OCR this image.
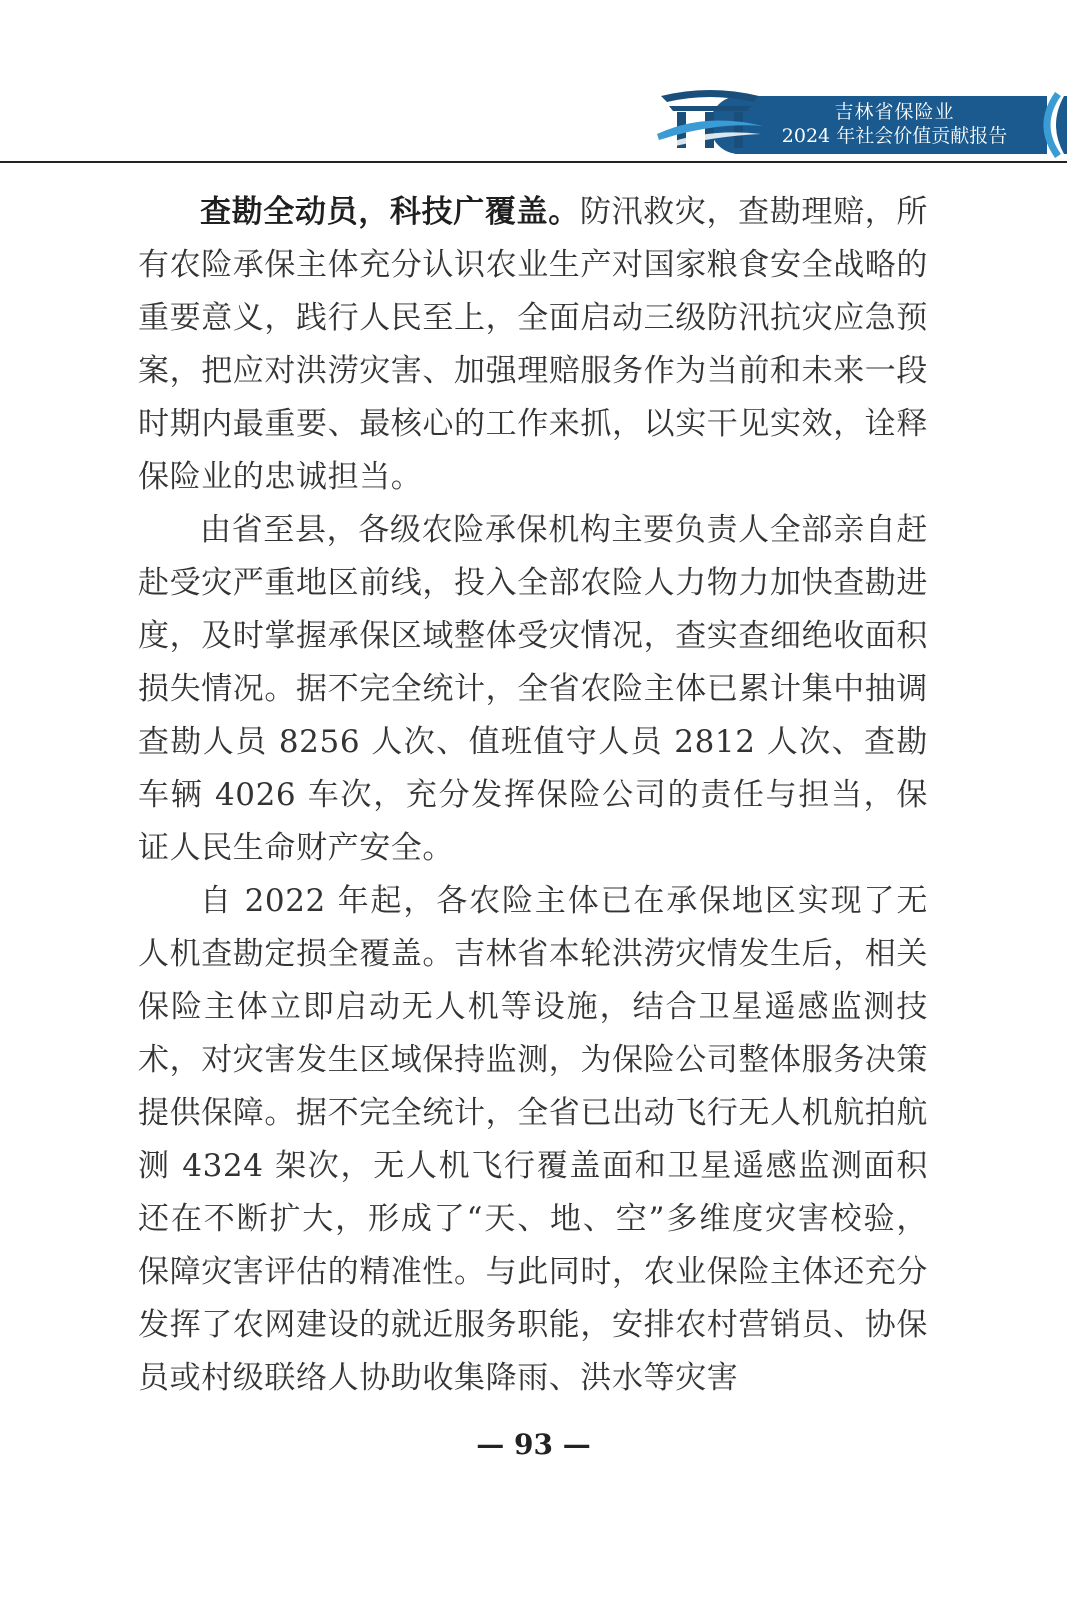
吉林省保险业
2024 年社会价值贡献报告

查勘全动员，科技广覆盖。防汛救灾，查勘理赔，所有农险承保主体充分认识农业生产对国家粮食安全战略的重要意义，践行人民至上，全面启动三级防汛抗灾应急预案，把应对洪涝灾害、加强理赔服务作为当前和未来一段时期内最重要、最核心的工作来抓，以实干见实效，诠释保险业的忠诚担当。

由省至县，各级农险承保机构主要负责人全部亲自赶赴受灾严重地区前线，投入全部农险人力物力加快查勘进度，及时掌握承保区域整体受灾情况，查实查细绝收面积损失情况。据不完全统计，全省农险主体已累计集中抽调查勘人员 8256 人次、值班值守人员 2812 人次、查勘车辆 4026 车次，充分发挥保险公司的责任与担当，保证人民生命财产安全。

自 2022 年起，各农险主体已在承保地区实现了无人机查勘定损全覆盖。吉林省本轮洪涝灾情发生后，相关保险主体立即启动无人机等设施，结合卫星遥感监测技术，对灾害发生区域保持监测，为保险公司整体服务决策提供保障。据不完全统计，全省已出动飞行无人机航拍航测 4324 架次，无人机飞行覆盖面和卫星遥感监测面积还在不断扩大，形成了“天、地、空”多维度灾害校验，保障灾害评估的精准性。与此同时，农业保险主体还充分发挥了农网建设的就近服务职能，安排农村营销员、协保员或村级联络人协助收集降雨、洪水等灾害

— 93 —
